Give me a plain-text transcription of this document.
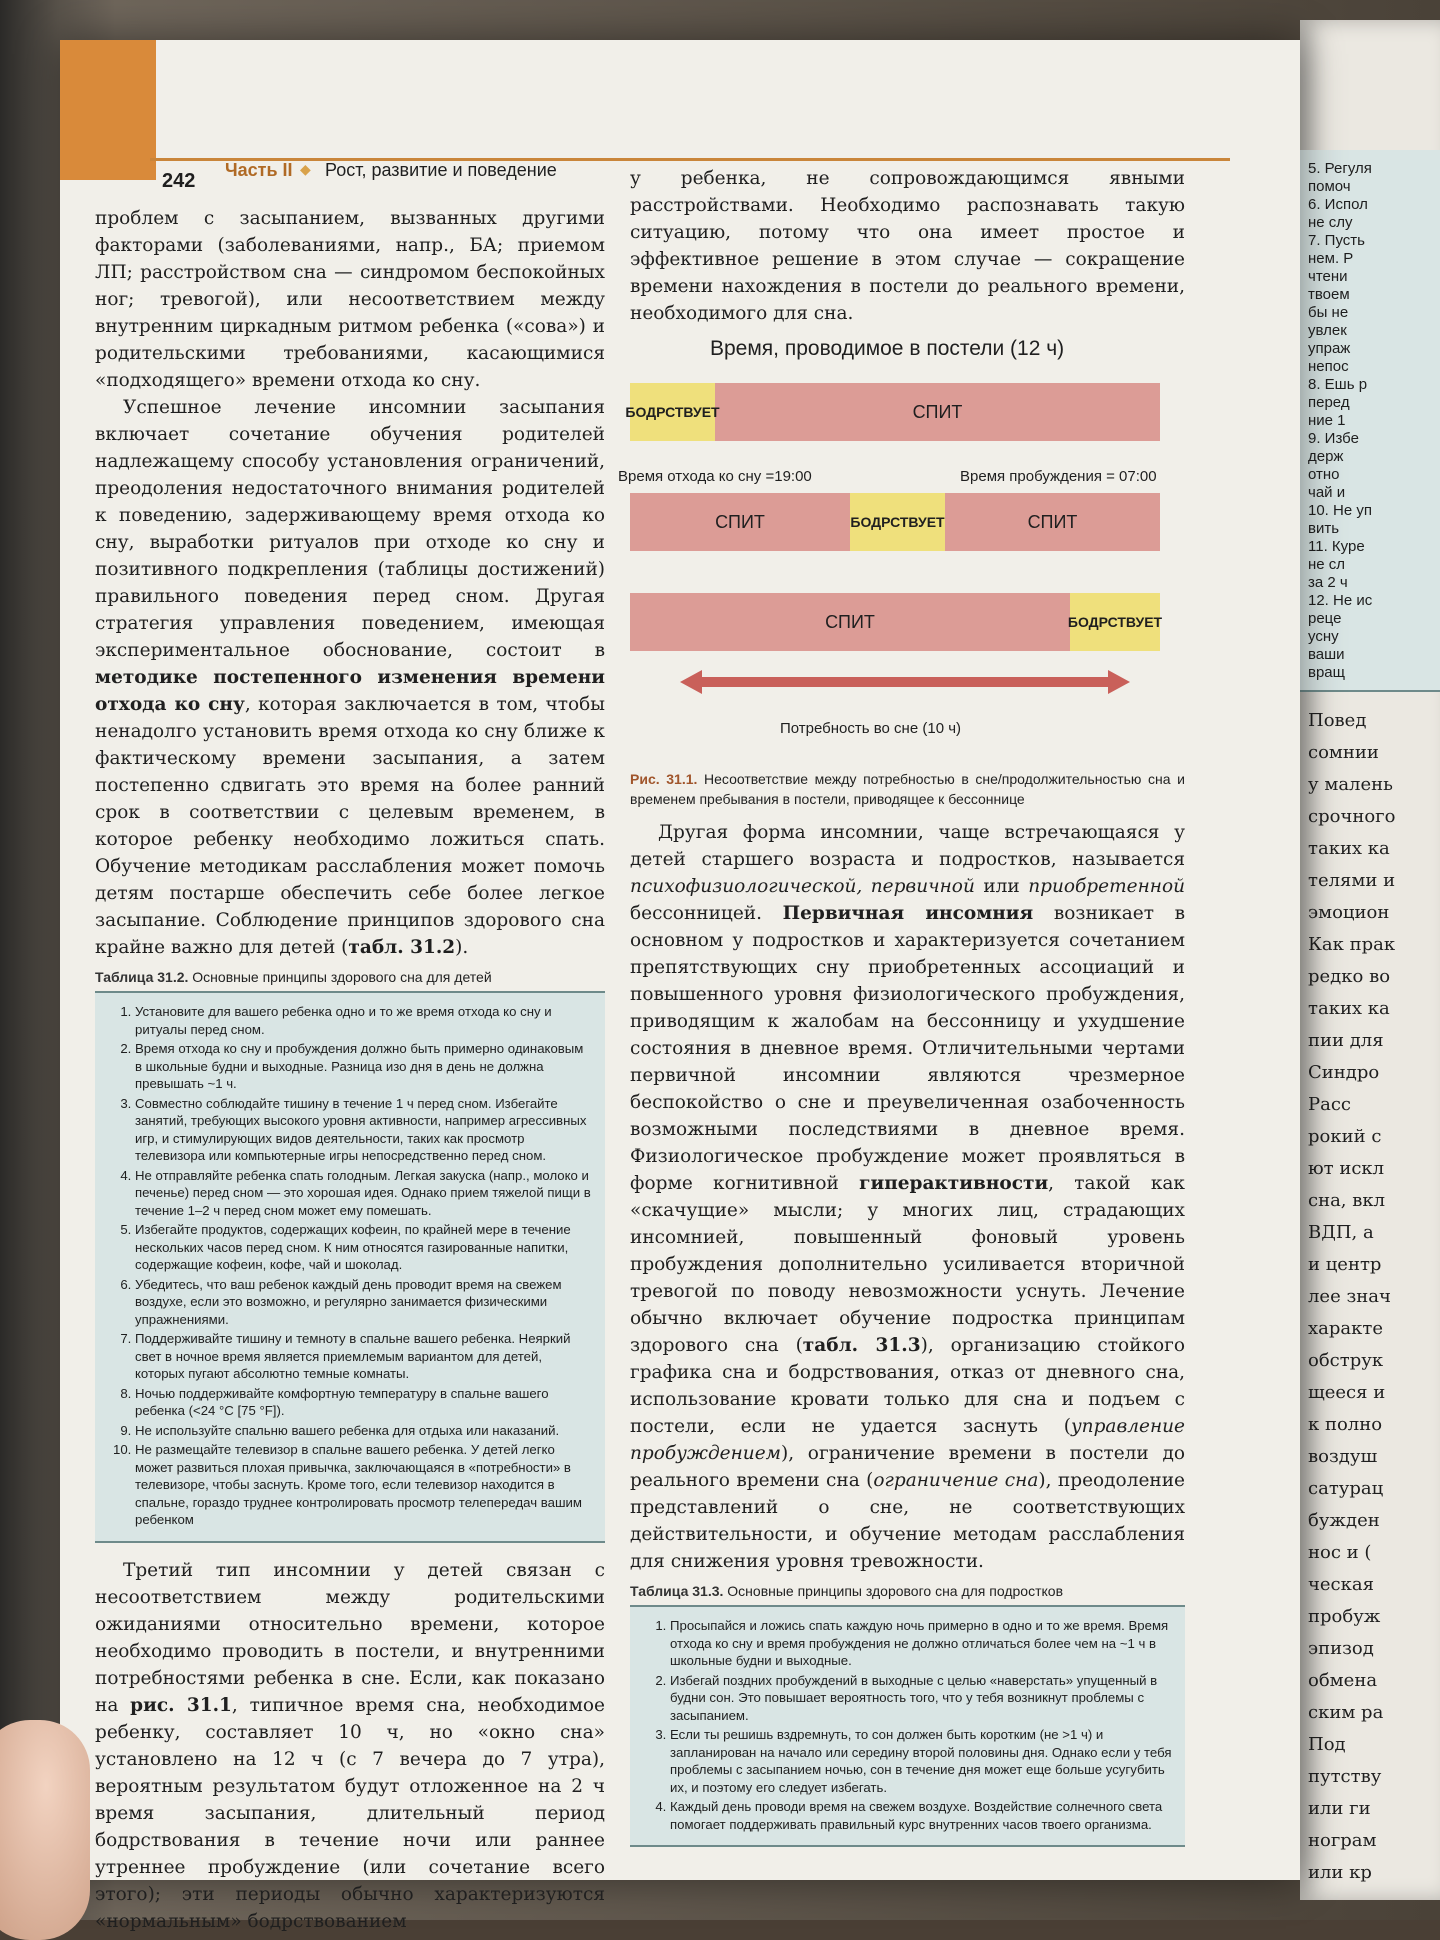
5. Регуля
помоч
6. Испол
не слу
7. Пусть
нем. Р
чтени
твоем
бы не
увлек
упраж
непос
8. Ешь р
перед
ние 1
9. Избе
держ
отно
чай и
10. Не уп
вить
11. Куре
не сл
за 2 ч
12. Не ис
реце
усну
ваши
вращ
Повед
сомнии
у малень
срочного
таких ка
телями и
эмоцион
Как прак
редко во
таких ка
пии для
Синдро
Расс
рокий с
ют искл
сна, вкл
ВДП, а
и центр
лее знач
характе
обструк
щееся и
к полно
воздуш
сатурац
бужден
нос и (
ческая
пробуж
эпизод
обмена
ским ра
Под
путству
или ги
нограм
или кр
242 Часть II ◆ Рост, развитие и поведение

проблем с засыпанием, вызванных другими факторами (заболеваниями, напр., БА; приемом ЛП; расстройством сна — синдромом беспокойных ног; тревогой), или несоответствием между внутренним циркадным ритмом ребенка («сова») и родительскими требованиями, касающимися «подходящего» времени отхода ко сну.

Успешное лечение инсомнии засыпания включает сочетание обучения родителей надлежащему способу установления ограничений, преодоления недостаточного внимания родителей к поведению, задерживающему время отхода ко сну, выработки ритуалов при отходе ко сну и позитивного подкрепления (таблицы достижений) правильного поведения перед сном. Другая стратегия управления поведением, имеющая экспериментальное обоснование, состоит в методике постепенного изменения времени отхода ко сну, которая заключается в том, чтобы ненадолго установить время отхода ко сну ближе к фактическому времени засыпания, а затем постепенно сдвигать это время на более ранний срок в соответствии с целевым временем, в которое ребенку необходимо ложиться спать. Обучение методикам расслабления может помочь детям постарше обеспечить себе более легкое засыпание. Соблюдение принципов здорового сна крайне важно для детей (табл. 31.2).

Таблица 31.2. Основные принципы здорового сна для детей
1. Установите для вашего ребенка одно и то же время отхода ко сну и ритуалы перед сном.
2. Время отхода ко сну и пробуждения должно быть примерно одинаковым в школьные будни и выходные. Разница изо дня в день не должна превышать ~1 ч.
3. Совместно соблюдайте тишину в течение 1 ч перед сном. Избегайте занятий, требующих высокого уровня активности, например агрессивных игр, и стимулирующих видов деятельности, таких как просмотр телевизора или компьютерные игры непосредственно перед сном.
4. Не отправляйте ребенка спать голодным. Легкая закуска (напр., молоко и печенье) перед сном — это хорошая идея. Однако прием тяжелой пищи в течение 1–2 ч перед сном может ему помешать.
5. Избегайте продуктов, содержащих кофеин, по крайней мере в течение нескольких часов перед сном. К ним относятся газированные напитки, содержащие кофеин, кофе, чай и шоколад.
6. Убедитесь, что ваш ребенок каждый день проводит время на свежем воздухе, если это возможно, и регулярно занимается физическими упражнениями.
7. Поддерживайте тишину и темноту в спальне вашего ребенка. Неяркий свет в ночное время является приемлемым вариантом для детей, которых пугают абсолютно темные комнаты.
8. Ночью поддерживайте комфортную температуру в спальне вашего ребенка (<24 °C [75 °F]).
9. Не используйте спальню вашего ребенка для отдыха или наказаний.
10. Не размещайте телевизор в спальне вашего ребенка. У детей легко может развиться плохая привычка, заключающаяся в «потребности» в телевизоре, чтобы заснуть. Кроме того, если телевизор находится в спальне, гораздо труднее контролировать просмотр телепередач вашим ребенком

Третий тип инсомнии у детей связан с несоответствием между родительскими ожиданиями относительно времени, которое необходимо проводить в постели, и внутренними потребностями ребенка в сне. Если, как показано на рис. 31.1, типичное время сна, необходимое ребенку, составляет 10 ч, но «окно сна» установлено на 12 ч (с 7 вечера до 7 утра), вероятным результатом будут отложенное на 2 ч время засыпания, длительный период бодрствования в течение ночи или раннее утреннее пробуждение (или сочетание всего этого); эти периоды обычно характеризуются «нормальным» бодрствованием

у ребенка, не сопровождающимся явными расстройствами. Необходимо распознавать такую ситуацию, потому что она имеет простое и эффективное решение в этом случае — сокращение времени нахождения в постели до реального времени, необходимого для сна.

Время, проводимое в постели (12 ч)
БОДРСТВУЕТ	СПИТ
Время отхода ко сну =19:00	Время пробуждения = 07:00
СПИТ	БОДРСТВУЕТ	СПИТ
СПИТ	БОДРСТВУЕТ
Потребность во сне (10 ч)
Рис. 31.1. Несоответствие между потребностью в сне/продолжительностью сна и временем пребывания в постели, приводящее к бессоннице

Другая форма инсомнии, чаще встречающаяся у детей старшего возраста и подростков, называется психофизиологической, первичной или приобретенной бессонницей. Первичная инсомния возникает в основном у подростков и характеризуется сочетанием препятствующих сну приобретенных ассоциаций и повышенного уровня физиологического пробуждения, приводящим к жалобам на бессонницу и ухудшение состояния в дневное время. Отличительными чертами первичной инсомнии являются чрезмерное беспокойство о сне и преувеличенная озабоченность возможными последствиями в дневное время. Физиологическое пробуждение может проявляться в форме когнитивной гиперактивности, такой как «скачущие» мысли; у многих лиц, страдающих инсомнией, повышенный фоновый уровень пробуждения дополнительно усиливается вторичной тревогой по поводу невозможности уснуть. Лечение обычно включает обучение подростка принципам здорового сна (табл. 31.3), организацию стойкого графика сна и бодрствования, отказ от дневного сна, использование кровати только для сна и подъем с постели, если не удается заснуть (управление пробуждением), ограничение времени в постели до реального времени сна (ограничение сна), преодоление представлений о сне, не соответствующих действительности, и обучение методам расслабления для снижения уровня тревожности.

Таблица 31.3. Основные принципы здорового сна для подростков
1. Просыпайся и ложись спать каждую ночь примерно в одно и то же время. Время отхода ко сну и время пробуждения не должно отличаться более чем на ~1 ч в школьные будни и выходные.
2. Избегай поздних пробуждений в выходные с целью «наверстать» упущенный в будни сон. Это повышает вероятность того, что у тебя возникнут проблемы с засыпанием.
3. Если ты решишь вздремнуть, то сон должен быть коротким (не >1 ч) и запланирован на начало или середину второй половины дня. Однако если у тебя проблемы с засыпанием ночью, сон в течение дня может еще больше усугубить их, и поэтому его следует избегать.
4. Каждый день проводи время на свежем воздухе. Воздействие солнечного света помогает поддерживать правильный курс внутренних часов твоего организма.
